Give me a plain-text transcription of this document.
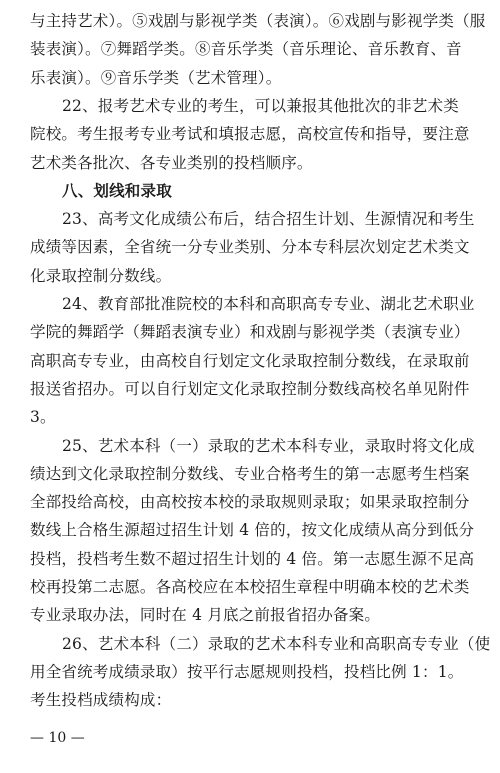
与主持艺术）。⑤戏剧与影视学类（表演）。⑥戏剧与影视学类（服
装表演）。⑦舞蹈学类。⑧音乐学类（音乐理论、音乐教育、音
乐表演）。⑨音乐学类（艺术管理）。
22、报考艺术专业的考生，可以兼报其他批次的非艺术类
院校。考生报考专业考试和填报志愿，高校宣传和指导，要注意
艺术类各批次、各专业类别的投档顺序。
八、划线和录取
23、高考文化成绩公布后，结合招生计划、生源情况和考生
成绩等因素，全省统一分专业类别、分本专科层次划定艺术类文
化录取控制分数线。
24、教育部批准院校的本科和高职高专专业、湖北艺术职业
学院的舞蹈学（舞蹈表演专业）和戏剧与影视学类（表演专业）
高职高专专业，由高校自行划定文化录取控制分数线，在录取前
报送省招办。可以自行划定文化录取控制分数线高校名单见附件
3。
25、艺术本科（一）录取的艺术本科专业，录取时将文化成
绩达到文化录取控制分数线、专业合格考生的第一志愿考生档案
全部投给高校，由高校按本校的录取规则录取；如果录取控制分
数线上合格生源超过招生计划 4 倍的，按文化成绩从高分到低分
投档，投档考生数不超过招生计划的 4 倍。第一志愿生源不足高
校再投第二志愿。各高校应在本校招生章程中明确本校的艺术类
专业录取办法，同时在 4 月底之前报省招办备案。
26、艺术本科（二）录取的艺术本科专业和高职高专专业（使
— 10 —
用全省统考成绩录取）按平行志愿规则投档，投档比例 1：1。
考生投档成绩构成：
